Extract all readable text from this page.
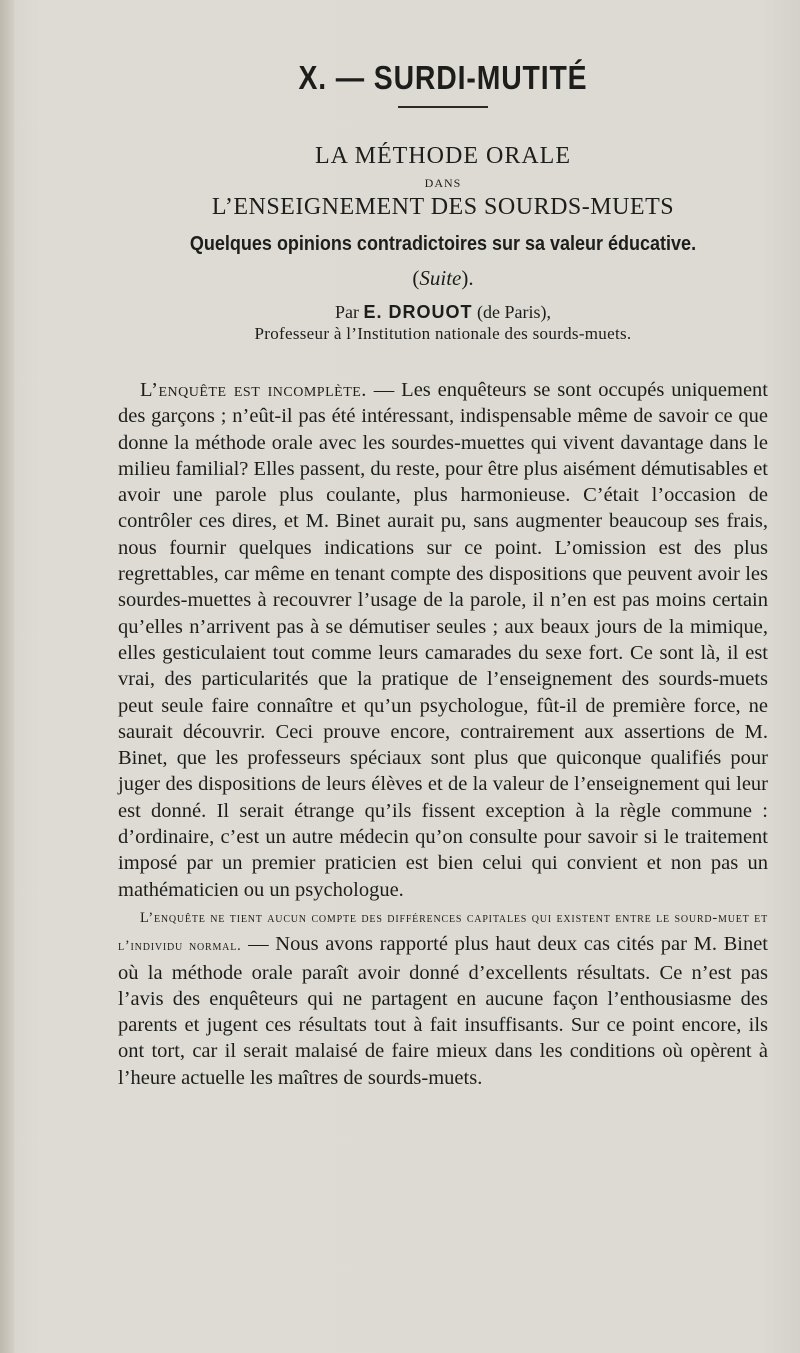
X. — SURDI-MUTITÉ
LA MÉTHODE ORALE
DANS
L’ENSEIGNEMENT DES SOURDS-MUETS
Quelques opinions contradictoires sur sa valeur éducative.
(Suite).
Par E. DROUOT (de Paris),
Professeur à l’Institution nationale des sourds-muets.

L’enquête est incomplète. — Les enquêteurs se sont occupés uniquement des garçons ; n’eût-il pas été intéressant, indispensable même de savoir ce que donne la méthode orale avec les sourdes-muettes qui vivent davantage dans le milieu familial? Elles passent, du reste, pour être plus aisément démutisables et avoir une parole plus coulante, plus harmonieuse. C’était l’occasion de contrôler ces dires, et M. Binet aurait pu, sans augmenter beaucoup ses frais, nous fournir quelques indications sur ce point. L’omission est des plus regrettables, car même en tenant compte des dispositions que peuvent avoir les sourdes-muettes à recouvrer l’usage de la parole, il n’en est pas moins certain qu’elles n’arrivent pas à se démutiser seules ; aux beaux jours de la mimique, elles gesticulaient tout comme leurs camarades du sexe fort. Ce sont là, il est vrai, des particularités que la pratique de l’enseignement des sourds-muets peut seule faire connaître et qu’un psychologue, fût-il de première force, ne saurait découvrir. Ceci prouve encore, contrairement aux assertions de M. Binet, que les professeurs spéciaux sont plus que quiconque qualifiés pour juger des dispositions de leurs élèves et de la valeur de l’enseignement qui leur est donné. Il serait étrange qu’ils fissent exception à la règle commune : d’ordinaire, c’est un autre médecin qu’on consulte pour savoir si le traitement imposé par un premier praticien est bien celui qui convient et non pas un mathématicien ou un psychologue.

L’enquête ne tient aucun compte des différences capitales qui existent entre le sourd-muet et l’individu normal. — Nous avons rapporté plus haut deux cas cités par M. Binet où la méthode orale paraît avoir donné d’excellents résultats. Ce n’est pas l’avis des enquêteurs qui ne partagent en aucune façon l’enthousiasme des parents et jugent ces résultats tout à fait insuffisants. Sur ce point encore, ils ont tort, car il serait malaisé de faire mieux dans les conditions où opèrent à l’heure actuelle les maîtres de sourds-muets.
